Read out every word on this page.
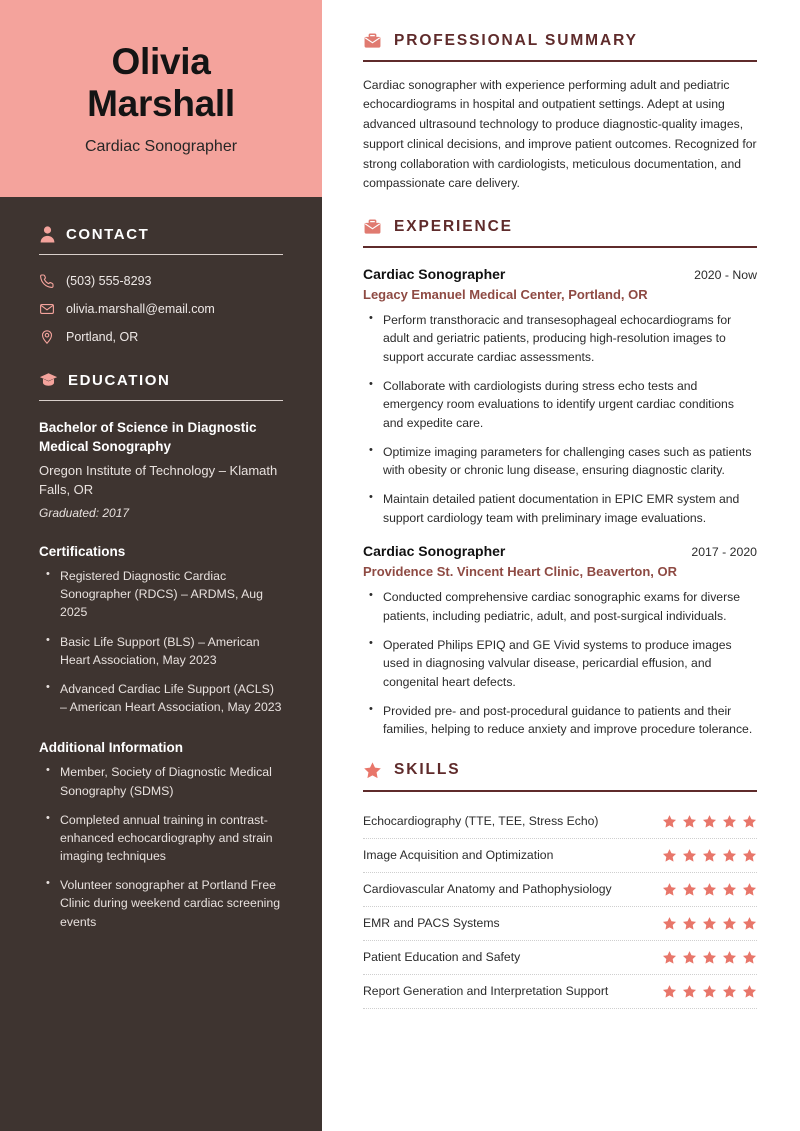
Olivia
Marshall
Cardiac Sonographer
CONTACT
(503) 555-8293
olivia.marshall@email.com
Portland, OR
EDUCATION
Bachelor of Science in Diagnostic Medical Sonography
Oregon Institute of Technology – Klamath Falls, OR
Graduated: 2017
Certifications
• Registered Diagnostic Cardiac Sonographer (RDCS) – ARDMS, Aug 2025
• Basic Life Support (BLS) – American Heart Association, May 2023
• Advanced Cardiac Life Support (ACLS) – American Heart Association, May 2023
Additional Information
• Member, Society of Diagnostic Medical Sonography (SDMS)
• Completed annual training in contrast-enhanced echocardiography and strain imaging techniques
• Volunteer sonographer at Portland Free Clinic during weekend cardiac screening events
PROFESSIONAL SUMMARY

Cardiac sonographer with experience performing adult and pediatric echocardiograms in hospital and outpatient settings. Adept at using advanced ultrasound technology to produce diagnostic-quality images, support clinical decisions, and improve patient outcomes. Recognized for strong collaboration with cardiologists, meticulous documentation, and compassionate care delivery.

EXPERIENCE
Cardiac Sonographer	2020 - Now
Legacy Emanuel Medical Center, Portland, OR
• Perform transthoracic and transesophageal echocardiograms for adult and geriatric patients, producing high-resolution images to support accurate cardiac assessments.
• Collaborate with cardiologists during stress echo tests and emergency room evaluations to identify urgent cardiac conditions and expedite care.
• Optimize imaging parameters for challenging cases such as patients with obesity or chronic lung disease, ensuring diagnostic clarity.
• Maintain detailed patient documentation in EPIC EMR system and support cardiology team with preliminary image evaluations.
Cardiac Sonographer	2017 - 2020
Providence St. Vincent Heart Clinic, Beaverton, OR
• Conducted comprehensive cardiac sonographic exams for diverse patients, including pediatric, adult, and post-surgical individuals.
• Operated Philips EPIQ and GE Vivid systems to produce images used in diagnosing valvular disease, pericardial effusion, and congenital heart defects.
• Provided pre- and post-procedural guidance to patients and their families, helping to reduce anxiety and improve procedure tolerance.
SKILLS
Echocardiography (TTE, TEE, Stress Echo)
Image Acquisition and Optimization
Cardiovascular Anatomy and Pathophysiology
EMR and PACS Systems
Patient Education and Safety
Report Generation and Interpretation Support
